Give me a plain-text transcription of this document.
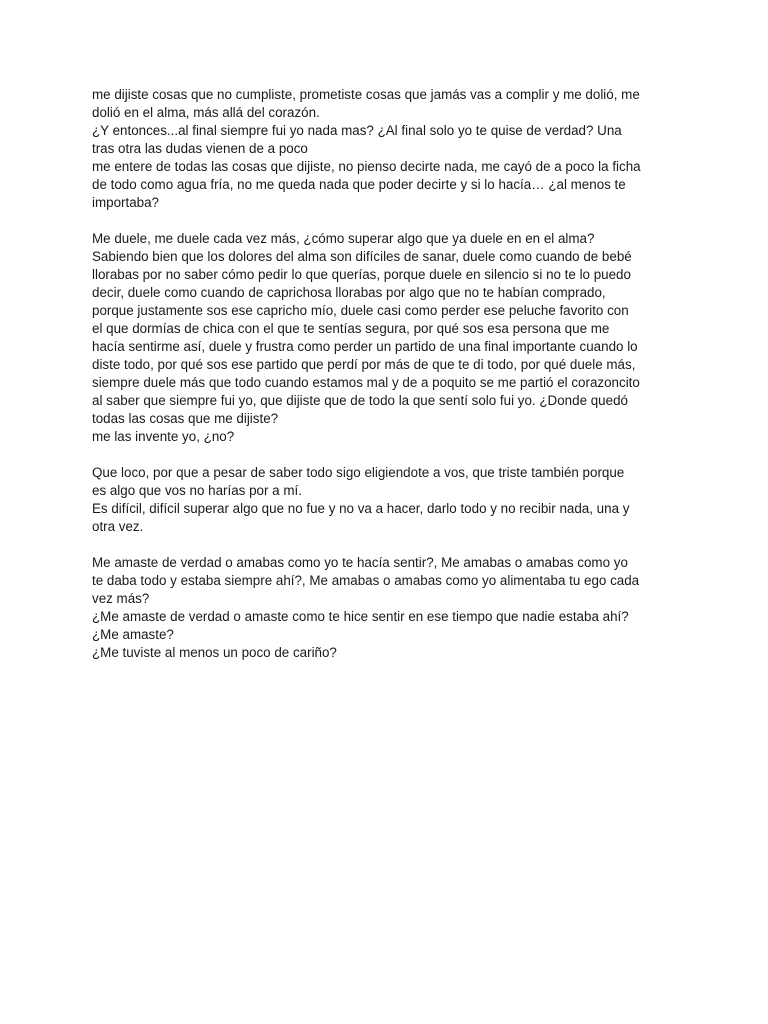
me dijiste cosas que no cumpliste, prometiste cosas que jamás vas a complir y me dolió, me
dolió en el alma, más allá del corazón.
¿Y entonces...al final siempre fui yo nada mas? ¿Al final solo yo te quise de verdad? Una
tras otra las dudas vienen de a poco
me entere de todas las cosas que dijiste, no pienso decirte nada, me cayó de a poco la ficha
de todo como agua fría, no me queda nada que poder decirte y si lo hacía… ¿al menos te
importaba?

Me duele, me duele cada vez más, ¿cómo superar algo que ya duele en en el alma?
Sabiendo bien que los dolores del alma son difíciles de sanar, duele como cuando de bebé
llorabas por no saber cómo pedir lo que querías, porque duele en silencio si no te lo puedo
decir, duele como cuando de caprichosa llorabas por algo que no te habían comprado,
porque justamente sos ese capricho mío, duele casi como perder ese peluche favorito con
el que dormías de chica con el que te sentías segura, por qué sos esa persona que me
hacía sentirme así, duele y frustra como perder un partido de una final importante cuando lo
diste todo, por qué sos ese partido que perdí por más de que te di todo, por qué duele más,
siempre duele más que todo cuando estamos mal y de a poquito se me partió el corazoncito
al saber que siempre fui yo, que dijiste que de todo la que sentí solo fui yo. ¿Donde quedó
todas las cosas que me dijiste?
me las invente yo, ¿no?

Que loco, por que a pesar de saber todo sigo eligiendote a vos, que triste también porque
es algo que vos no harías por a mí.
Es difícil, difícil superar algo que no fue y no va a hacer, darlo todo y no recibir nada, una y
otra vez.

Me amaste de verdad o amabas como yo te hacía sentir?, Me amabas o amabas como yo
te daba todo y estaba siempre ahí?, Me amabas o amabas como yo alimentaba tu ego cada
vez más?
¿Me amaste de verdad o amaste como te hice sentir en ese tiempo que nadie estaba ahí?
¿Me amaste?
¿Me tuviste al menos un poco de cariño?
